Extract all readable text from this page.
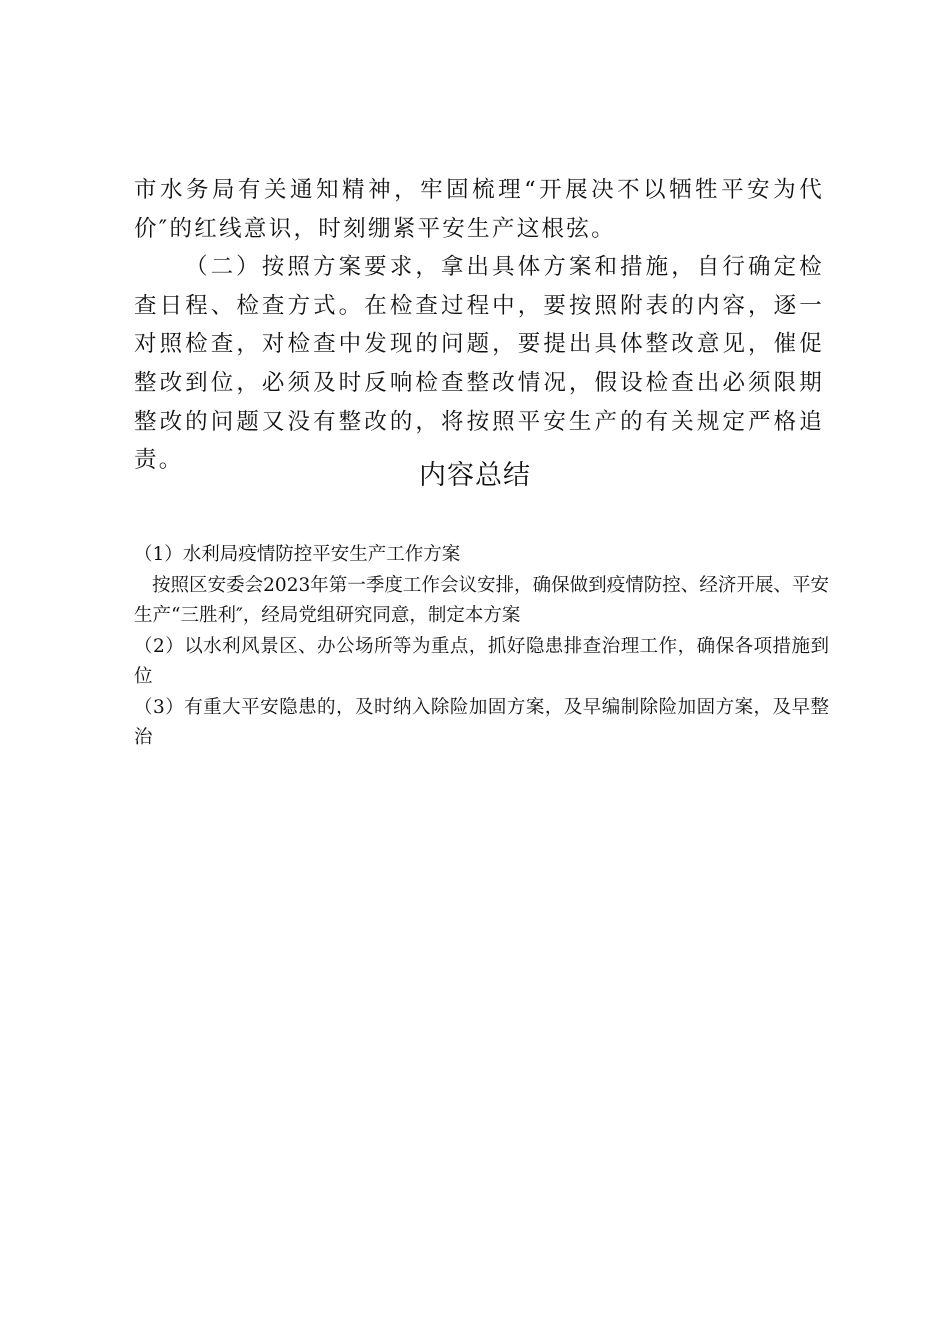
市水务局有关通知精神，牢固梳理“开展决不以牺牲平安为代价″的红线意识，时刻绷紧平安生产这根弦。

（二）按照方案要求，拿出具体方案和措施，自行确定检查日程、检查方式。在检查过程中，要按照附表的内容，逐一对照检查，对检查中发现的问题，要提出具体整改意见，催促整改到位，必须及时反响检查整改情况，假设检查出必须限期整改的问题又没有整改的，将按照平安生产的有关规定严格追责。	内容总结

（1）水利局疫情防控平安生产工作方案

按照区安委会2023年第一季度工作会议安排，确保做到疫情防控、经济开展、平安生产“三胜利″，经局党组研究同意，制定本方案

（2）以水利风景区、办公场所等为重点，抓好隐患排查治理工作，确保各项措施到位

（3）有重大平安隐患的，及时纳入除险加固方案，及早编制除险加固方案，及早整治
